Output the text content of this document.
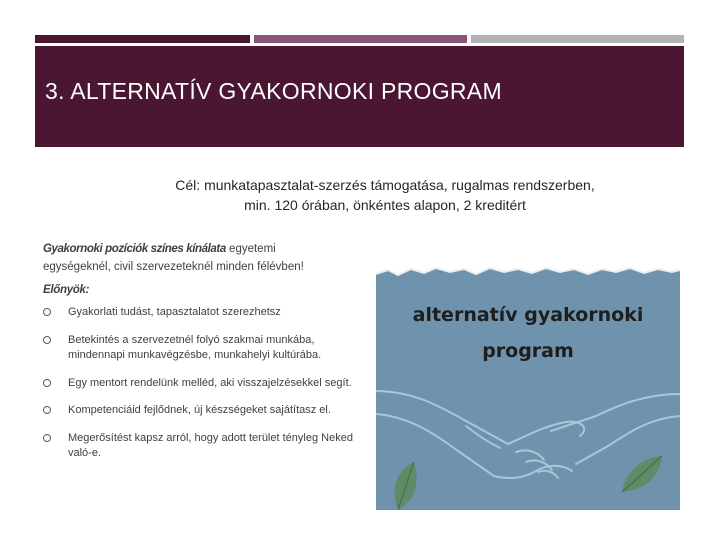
3. ALTERNATÍV GYAKORNOKI PROGRAM
Cél: munkatapasztalat-szerzés támogatása, rugalmas rendszerben,
min. 120 órában, önkéntes alapon, 2 kreditért
Gyakornoki pozíciók színes kínálata egyetemi
egységeknél, civil szervezeteknél minden félévben!
Előnyök:
Gyakorlati tudást, tapasztalatot szerezhetsz
Betekintés a szervezetnél folyó szakmai munkába, mindennapi munkavégzésbe, munkahelyi kultúrába.
Egy mentort rendelünk melléd, aki visszajelzésekkel segít.
Kompetenciáid fejlődnek, új készségeket sajátítasz el.
Megerősítést kapsz arról, hogy adott terület tényleg Neked való-e.
alternatív gyakornoki
program
